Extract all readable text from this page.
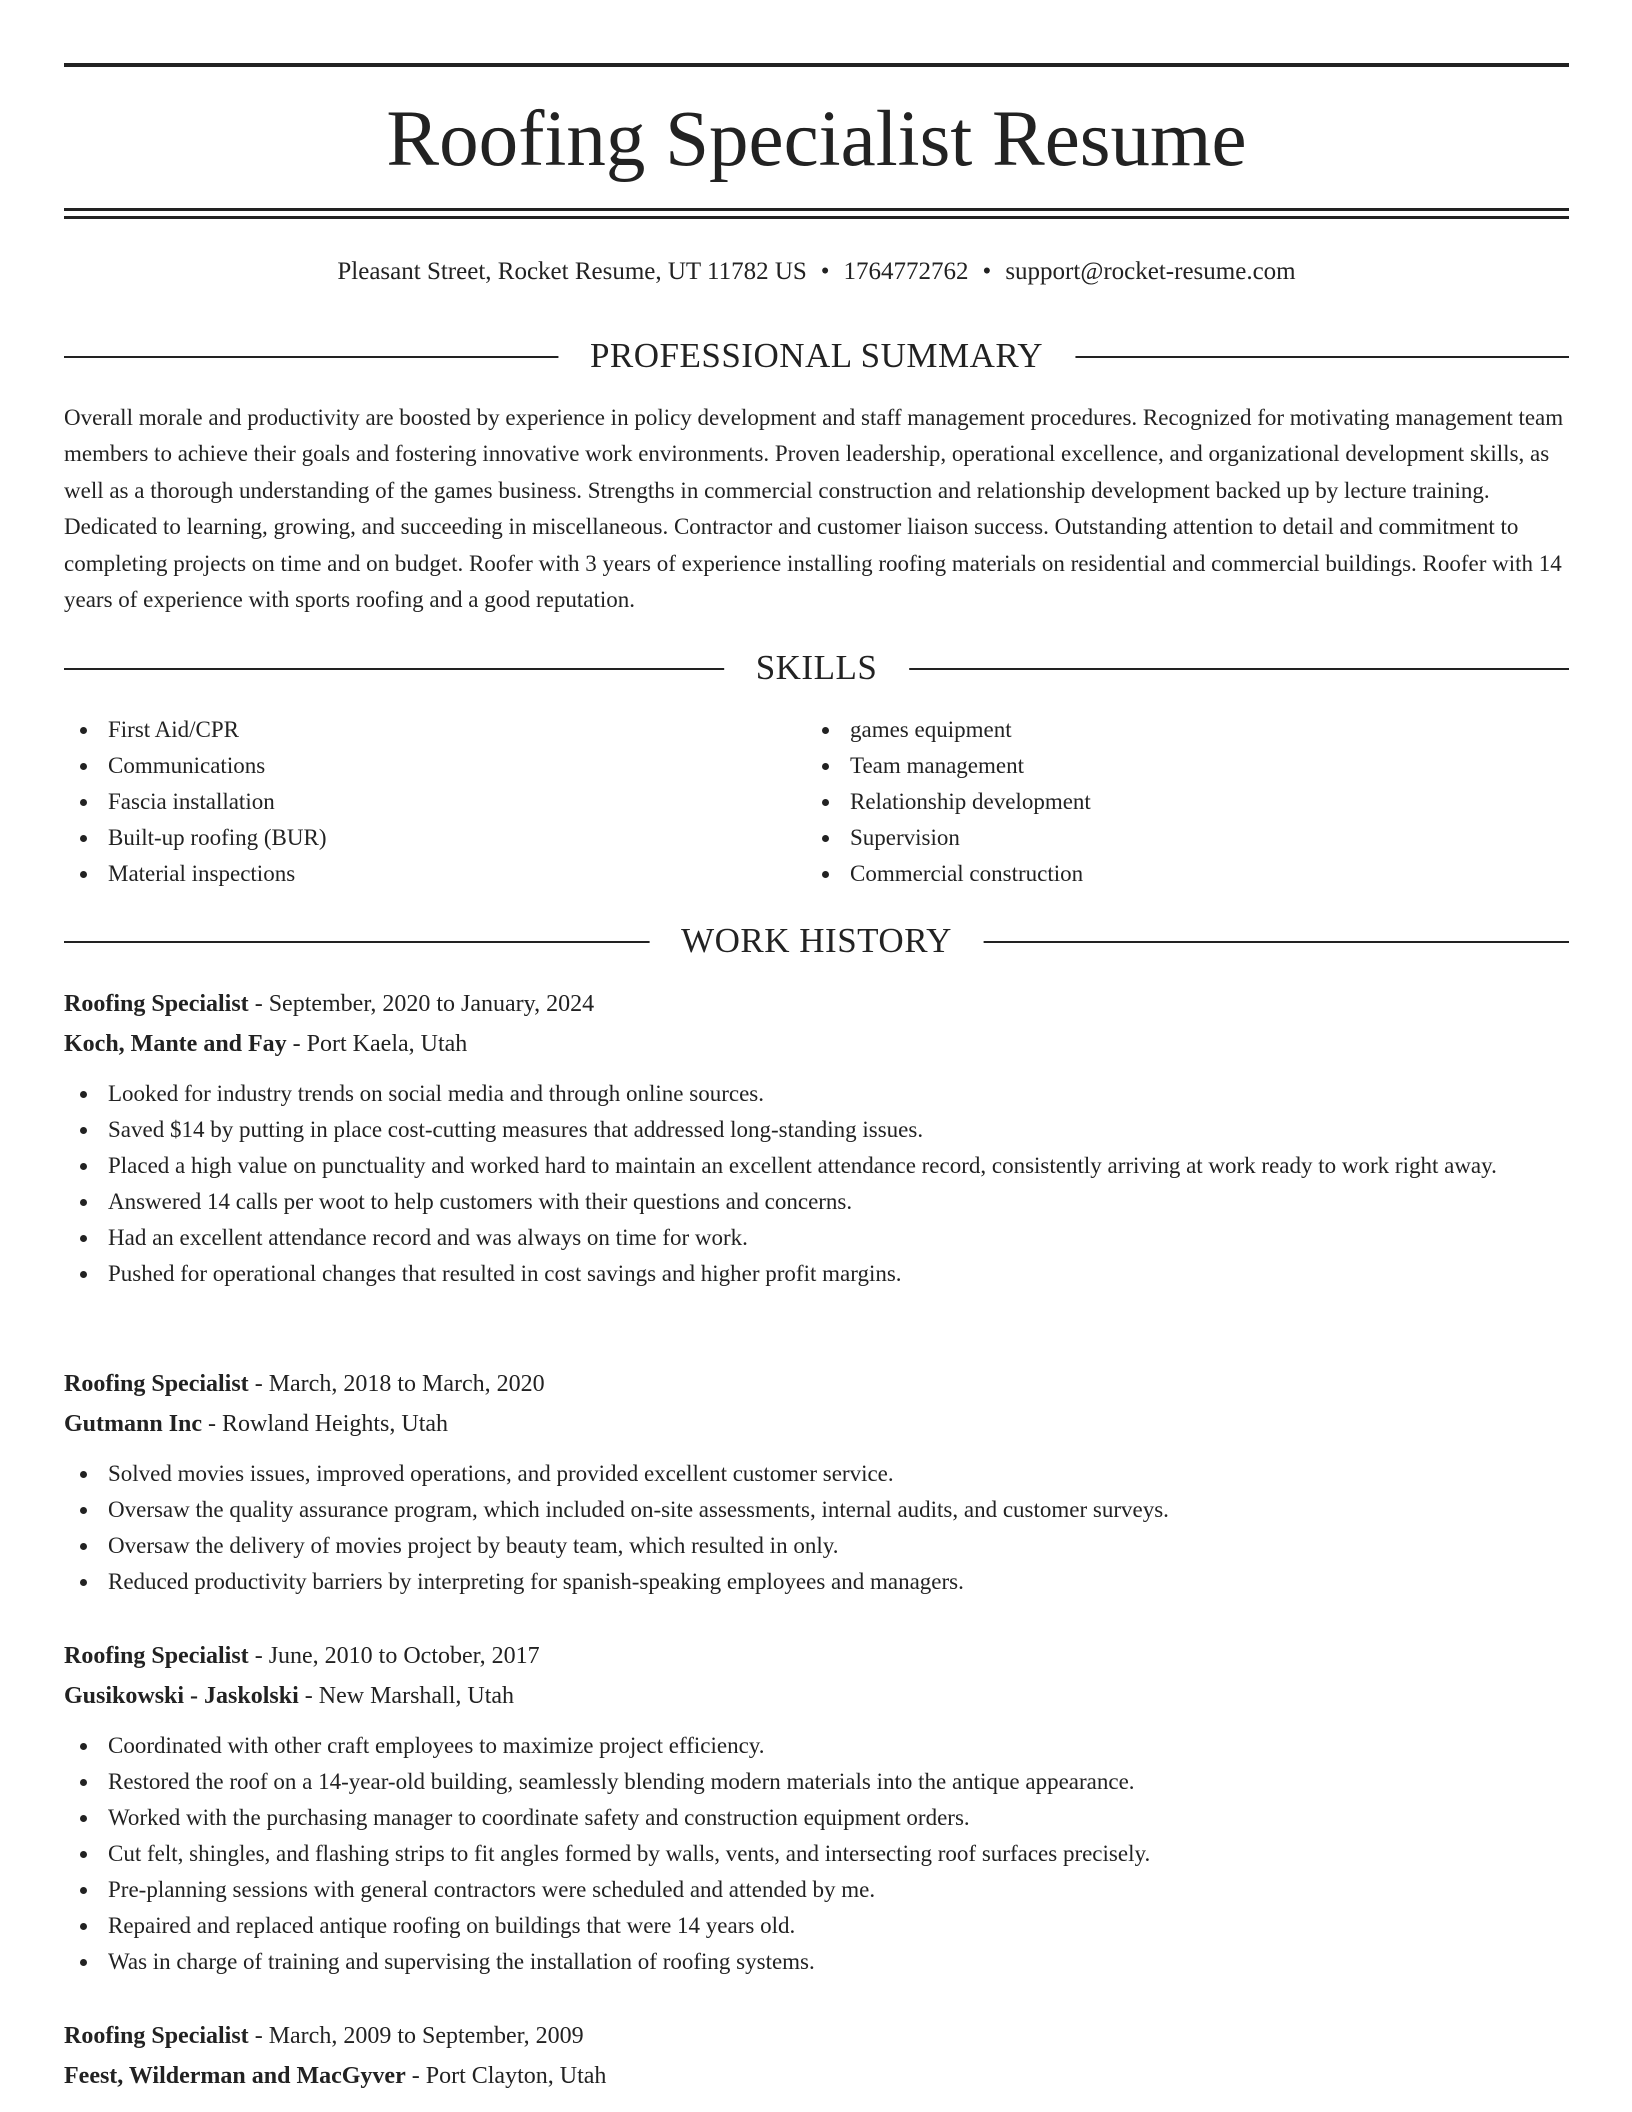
Roofing Specialist Resume
Pleasant Street, Rocket Resume, UT 11782 US • 1764772762 • support@rocket-resume.com
PROFESSIONAL SUMMARY

Overall morale and productivity are boosted by experience in policy development and staff management procedures. Recognized for motivating management team members to achieve their goals and fostering innovative work environments. Proven leadership, operational excellence, and organizational development skills, as well as a thorough understanding of the games business. Strengths in commercial construction and relationship development backed up by lecture training. Dedicated to learning, growing, and succeeding in miscellaneous. Contractor and customer liaison success. Outstanding attention to detail and commitment to completing projects on time and on budget. Roofer with 3 years of experience installing roofing materials on residential and commercial buildings. Roofer with 14 years of experience with sports roofing and a good reputation.

SKILLS
First Aid/CPR
Communications
Fascia installation
Built-up roofing (BUR)
Material inspections
games equipment
Team management
Relationship development
Supervision
Commercial construction
WORK HISTORY
Roofing Specialist - September, 2020 to January, 2024
Koch, Mante and Fay - Port Kaela, Utah
Looked for industry trends on social media and through online sources.
Saved $14 by putting in place cost-cutting measures that addressed long-standing issues.
Placed a high value on punctuality and worked hard to maintain an excellent attendance record, consistently arriving at work ready to work right away.
Answered 14 calls per woot to help customers with their questions and concerns.
Had an excellent attendance record and was always on time for work.
Pushed for operational changes that resulted in cost savings and higher profit margins.
Roofing Specialist - March, 2018 to March, 2020
Gutmann Inc - Rowland Heights, Utah
Solved movies issues, improved operations, and provided excellent customer service.
Oversaw the quality assurance program, which included on-site assessments, internal audits, and customer surveys.
Oversaw the delivery of movies project by beauty team, which resulted in only.
Reduced productivity barriers by interpreting for spanish-speaking employees and managers.
Roofing Specialist - June, 2010 to October, 2017
Gusikowski - Jaskolski - New Marshall, Utah
Coordinated with other craft employees to maximize project efficiency.
Restored the roof on a 14-year-old building, seamlessly blending modern materials into the antique appearance.
Worked with the purchasing manager to coordinate safety and construction equipment orders.
Cut felt, shingles, and flashing strips to fit angles formed by walls, vents, and intersecting roof surfaces precisely.
Pre-planning sessions with general contractors were scheduled and attended by me.
Repaired and replaced antique roofing on buildings that were 14 years old.
Was in charge of training and supervising the installation of roofing systems.
Roofing Specialist - March, 2009 to September, 2009
Feest, Wilderman and MacGyver - Port Clayton, Utah
